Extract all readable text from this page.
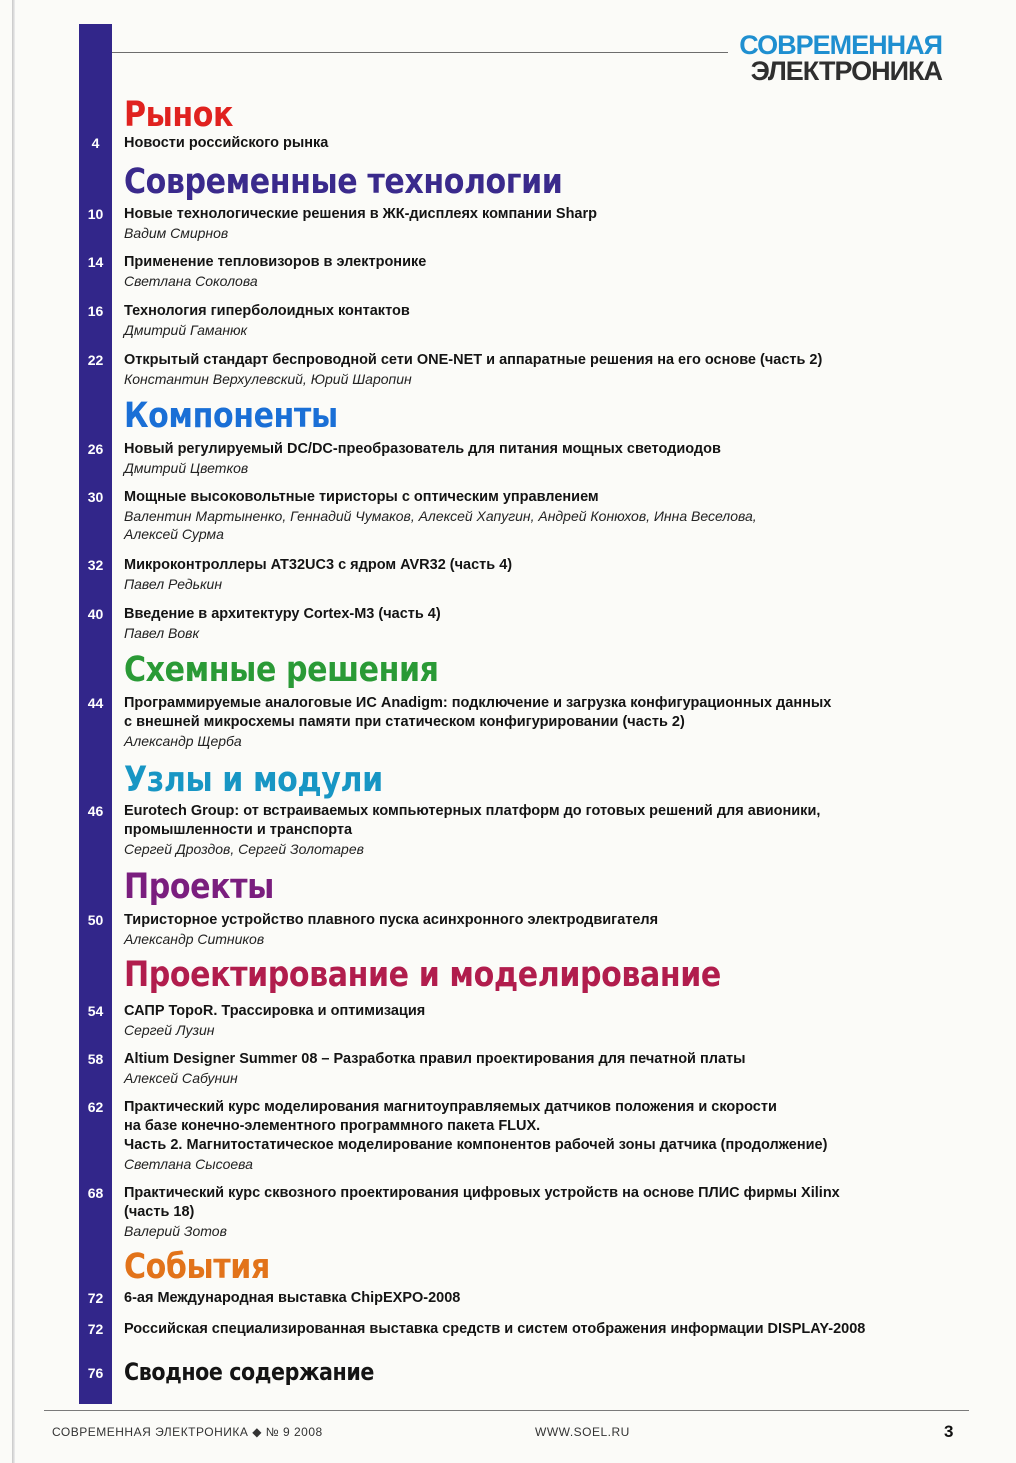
СОВРЕМЕННАЯ
ЭЛЕКТРОНИКА
Рынок
4	Новости российского рынка
Современные технологии
10	Новые технологические решения в ЖК-дисплеях компании Sharp
Вадим Смирнов
14	Применение тепловизоров в электронике
Светлана Соколова
16	Технология гиперболоидных контактов
Дмитрий Гаманюк
22	Открытый стандарт беспроводной сети ONE-NET и аппаратные решения на его основе (часть 2)
Константин Верхулевский, Юрий Шаропин
Компоненты
26	Новый регулируемый DC/DC-преобразователь для питания мощных светодиодов
Дмитрий Цветков
30	Мощные высоковольтные тиристоры с оптическим управлением
Валентин Мартыненко, Геннадий Чумаков, Алексей Хапугин, Андрей Конюхов, Инна Веселова,
Алексей Сурма
32	Микроконтроллеры AT32UC3 с ядром AVR32 (часть 4)
Павел Редькин
40	Введение в архитектуру Cortex-M3 (часть 4)
Павел Вовк
Схемные решения
44	Программируемые аналоговые ИС Anadigm: подключение и загрузка конфигурационных данных
с внешней микросхемы памяти при статическом конфигурировании (часть 2)
Александр Щерба
Узлы и модули
46	Eurotech Group: от встраиваемых компьютерных платформ до готовых решений для авионики,
промышленности и транспорта
Сергей Дроздов, Сергей Золотарев
Проекты
50	Тиристорное устройство плавного пуска асинхронного электродвигателя
Александр Ситников
Проектирование и моделирование
54	САПР TopoR. Трассировка и оптимизация
Сергей Лузин
58	Altium Designer Summer 08 – Разработка правил проектирования для печатной платы
Алексей Сабунин
62	Практический курс моделирования магнитоуправляемых датчиков положения и скорости
на базе конечно-элементного программного пакета FLUX.
Часть 2. Магнитостатическое моделирование компонентов рабочей зоны датчика (продолжение)
Светлана Сысоева
68	Практический курс сквозного проектирования цифровых устройств на основе ПЛИС фирмы Xilinx
(часть 18)
Валерий Зотов
События
72	6-ая Международная выставка ChipEXPO-2008
72	Российская специализированная выставка средств и систем отображения информации DISPLAY-2008
76 Сводное содержание
СОВРЕМЕННАЯ ЭЛЕКТРОНИКА ◆ № 9 2008	WWW.SOEL.RU	3
